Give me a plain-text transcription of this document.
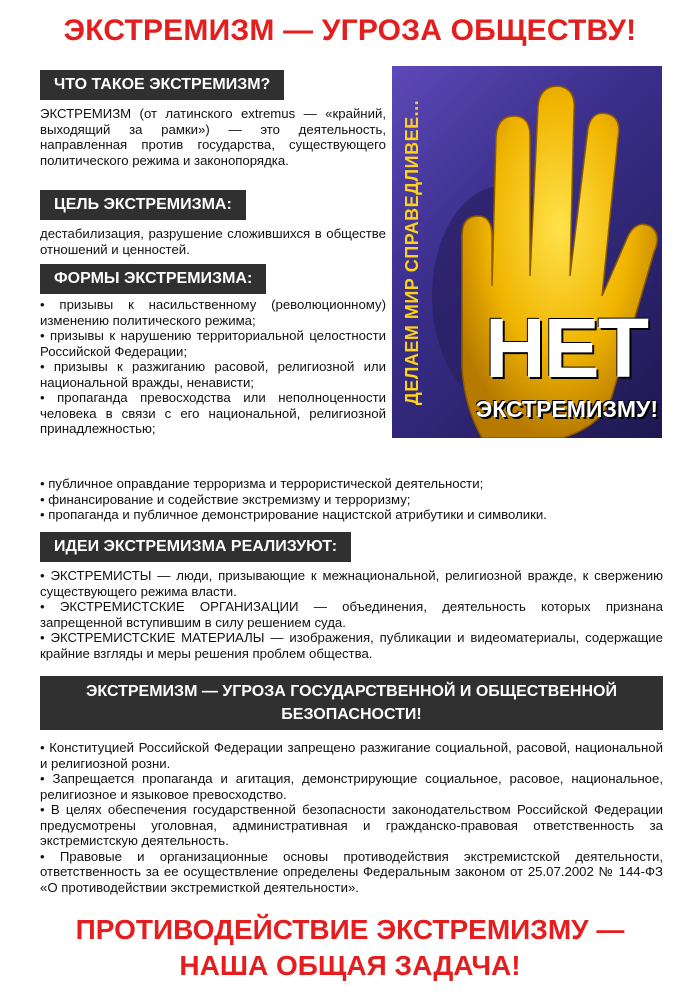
ЭКСТРЕМИЗМ — УГРОЗА ОБЩЕСТВУ!
ЧТО ТАКОЕ ЭКСТРЕМИЗМ?
ЭКСТРЕМИЗМ (от латинского extremus — «крайний, выходящий за рамки») — это деятельность, направленная против государства, существующего политического режима и законопорядка.
ЦЕЛЬ ЭКСТРЕМИЗМА:
дестабилизация, разрушение сложившихся в обществе отношений и ценностей.
ФОРМЫ ЭКСТРЕМИЗМА:
• призывы к насильственному (революционному) изменению политического режима;
• призывы к нарушению территориальной целостности Российской Федерации;
• призывы к разжиганию расовой, религиозной или национальной вражды, ненависти;
• пропаганда превосходства или неполноценности человека в связи с его национальной, религиозной принадлежностью;
• публичное оправдание терроризма и террористической деятельности;
• финансирование и содействие экстремизму и терроризму;
• пропаганда и публичное демонстрирование нацистской атрибутики и символики.
ДЕЛАЕМ МИР СПРАВЕДЛИВЕЕ... НЕТ
ЭКСТРЕМИЗМУ!
ИДЕИ ЭКСТРЕМИЗМА РЕАЛИЗУЮТ:
• ЭКСТРЕМИСТЫ — люди, призывающие к межнациональной, религиозной вражде, к свержению существующего режима власти.
• ЭКСТРЕМИСТСКИЕ ОРГАНИЗАЦИИ — объединения, деятельность которых признана запрещенной вступившим в силу решением суда.
• ЭКСТРЕМИСТСКИЕ МАТЕРИАЛЫ — изображения, публикации и видеоматериалы, содержащие крайние взгляды и меры решения проблем общества.
ЭКСТРЕМИЗМ — УГРОЗА ГОСУДАРСТВЕННОЙ И ОБЩЕСТВЕННОЙ
БЕЗОПАСНОСТИ!
• Конституцией Российской Федерации запрещено разжигание социальной, расовой, национальной и религиозной розни.
• Запрещается пропаганда и агитация, демонстрирующие социальное, расовое, национальное, религиозное и языковое превосходство.
• В целях обеспечения государственной безопасности законодательством Российской Федерации предусмотрены уголовная, административная и гражданско-правовая ответственность за экстремистскую деятельность.
• Правовые и организационные основы противодействия экстремистской деятельности, ответственность за ее осуществление определены Федеральным законом от 25.07.2002 № 144-ФЗ «О противодействии экстремисткой деятельности».
ПРОТИВОДЕЙСТВИЕ ЭКСТРЕМИЗМУ —
НАША ОБЩАЯ ЗАДАЧА!
